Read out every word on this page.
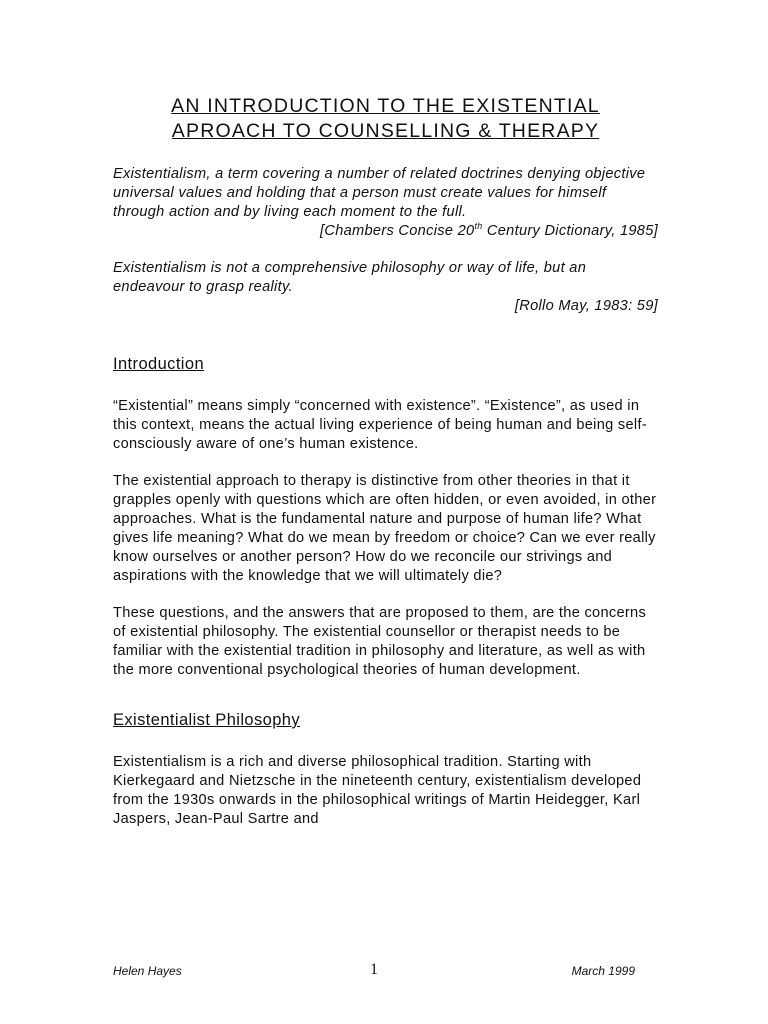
AN INTRODUCTION TO THE EXISTENTIAL
APROACH TO COUNSELLING & THERAPY

Existentialism, a term covering a number of related doctrines denying objective universal values and holding that a person must create values for himself through action and by living each moment to the full.

[Chambers Concise 20th Century Dictionary, 1985]

Existentialism is not a comprehensive philosophy or way of life, but an endeavour to grasp reality.

[Rollo May, 1983: 59]

Introduction

“Existential” means simply “concerned with existence”. “Existence”, as used in this context, means the actual living experience of being human and being self-consciously aware of one’s human existence.

The existential approach to therapy is distinctive from other theories in that it grapples openly with questions which are often hidden, or even avoided, in other approaches. What is the fundamental nature and purpose of human life? What gives life meaning? What do we mean by freedom or choice? Can we ever really know ourselves or another person? How do we reconcile our strivings and aspirations with the knowledge that we will ultimately die?

These questions, and the answers that are proposed to them, are the concerns of existential philosophy. The existential counsellor or therapist needs to be familiar with the existential tradition in philosophy and literature, as well as with the more conventional psychological theories of human development.

Existentialist Philosophy

Existentialism is a rich and diverse philosophical tradition. Starting with Kierkegaard and Nietzsche in the nineteenth century, existentialism developed from the 1930s onwards in the philosophical writings of Martin Heidegger, Karl Jaspers, Jean-Paul Sartre and

Helen Hayes	1	March 1999
